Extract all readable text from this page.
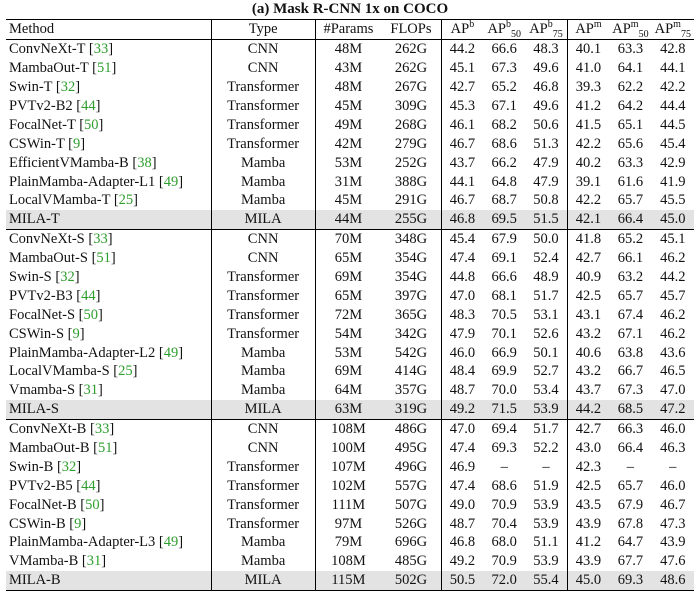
(a) Mask R-CNN 1x on COCO
Method	Type	#Params	FLOPs	$AP^b$	$AP^b_{50}$	$AP^b_{75}$	$AP^m$	$AP^m_{50}$	$AP^m_{75}$
ConvNeXt-T [33]	CNN	48M	262G	44.2	66.6	48.3	40.1	63.3	42.8
MambaOut-T [51]	CNN	43M	262G	45.1	67.3	49.6	41.0	64.1	44.1
Swin-T [32]	Transformer	48M	267G	42.7	65.2	46.8	39.3	62.2	42.2
PVTv2-B2 [44]	Transformer	45M	309G	45.3	67.1	49.6	41.2	64.2	44.4
FocalNet-T [50]	Transformer	49M	268G	46.1	68.2	50.6	41.5	65.1	44.5
CSWin-T [9]	Transformer	42M	279G	46.7	68.6	51.3	42.2	65.6	45.4
EfficientVMamba-B [38]	Mamba	53M	252G	43.7	66.2	47.9	40.2	63.3	42.9
PlainMamba-Adapter-L1 [49]	Mamba	31M	388G	44.1	64.8	47.9	39.1	61.6	41.9
LocalVMamba-T [25]	Mamba	45M	291G	46.7	68.7	50.8	42.2	65.7	45.5
MILA-T	MILA	44M	255G	46.8	69.5	51.5	42.1	66.4	45.0
ConvNeXt-S [33]	CNN	70M	348G	45.4	67.9	50.0	41.8	65.2	45.1
MambaOut-S [51]	CNN	65M	354G	47.4	69.1	52.4	42.7	66.1	46.2
Swin-S [32]	Transformer	69M	354G	44.8	66.6	48.9	40.9	63.2	44.2
PVTv2-B3 [44]	Transformer	65M	397G	47.0	68.1	51.7	42.5	65.7	45.7
FocalNet-S [50]	Transformer	72M	365G	48.3	70.5	53.1	43.1	67.4	46.2
CSWin-S [9]	Transformer	54M	342G	47.9	70.1	52.6	43.2	67.1	46.2
PlainMamba-Adapter-L2 [49]	Mamba	53M	542G	46.0	66.9	50.1	40.6	63.8	43.6
LocalVMamba-S [25]	Mamba	69M	414G	48.4	69.9	52.7	43.2	66.7	46.5
Vmamba-S [31]	Mamba	64M	357G	48.7	70.0	53.4	43.7	67.3	47.0
MILA-S	MILA	63M	319G	49.2	71.5	53.9	44.2	68.5	47.2
ConvNeXt-B [33]	CNN	108M	486G	47.0	69.4	51.7	42.7	66.3	46.0
MambaOut-B [51]	CNN	100M	495G	47.4	69.3	52.2	43.0	66.4	46.3
Swin-B [32]	Transformer	107M	496G	46.9	–	–	42.3	–	–
PVTv2-B5 [44]	Transformer	102M	557G	47.4	68.6	51.9	42.5	65.7	46.0
FocalNet-B [50]	Transformer	111M	507G	49.0	70.9	53.9	43.5	67.9	46.7
CSWin-B [9]	Transformer	97M	526G	48.7	70.4	53.9	43.9	67.8	47.3
PlainMamba-Adapter-L3 [49]	Mamba	79M	696G	46.8	68.0	51.1	41.2	64.7	43.9
VMamba-B [31]	Mamba	108M	485G	49.2	70.9	53.9	43.9	67.7	47.6
MILA-B	MILA	115M	502G	50.5	72.0	55.4	45.0	69.3	48.6
